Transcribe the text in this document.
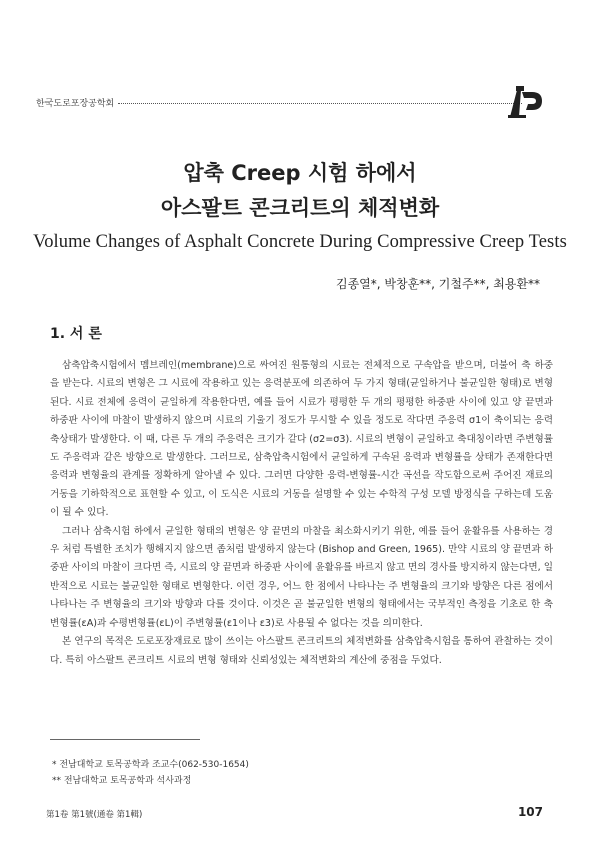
한국도로포장공학회
압축 Creep 시험 하에서
아스팔트 콘크리트의 체적변화
Volume Changes of Asphalt Concrete During Compressive Creep Tests
김종열*, 박창훈**, 기철주**, 최용환**
1. 서 론

삼축압축시험에서 멤브레인(membrane)으로 싸여진 원통형의 시료는 전체적으로 구속압을 받으며, 더불어 축 하중을 받는다. 시료의 변형은 그 시료에 작용하고 있는 응력분포에 의존하여 두 가지 형태(균일하거나 불균일한 형태)로 변형된다. 시료 전체에 응력이 균일하게 작용한다면, 예를 들어 시료가 평평한 두 개의 평평한 하중판 사이에 있고 양 끝면과 하중판 사이에 마찰이 발생하지 않으며 시료의 기울기 정도가 무시할 수 있을 정도로 작다면 주응력 σ1이 축이되는 응력 축상태가 발생한다. 이 때, 다른 두 개의 주응력은 크기가 같다 (σ2=σ3). 시료의 변형이 균일하고 축대칭이라면 주변형률도 주응력과 같은 방향으로 발생한다. 그러므로, 삼축압축시험에서 균일하게 구속된 응력과 변형률을 상태가 존재한다면 응력과 변형율의 관계를 정확하게 알아낼 수 있다. 그러면 다양한 응력-변형률-시간 곡선을 작도함으로써 주어진 재료의 거동을 기하학적으로 표현할 수 있고, 이 도식은 시료의 거동을 설명할 수 있는 수학적 구성 모델 방정식을 구하는데 도움이 될 수 있다.

그러나 삼축시험 하에서 균일한 형태의 변형은 양 끝면의 마찰을 최소화시키기 위한, 예를 들어 윤활유를 사용하는 경우 처럼 특별한 조치가 행해지지 않으면 좀처럼 발생하지 않는다 (Bishop and Green, 1965). 만약 시료의 양 끝면과 하중판 사이의 마찰이 크다면 즉, 시료의 양 끝면과 하중판 사이에 윤활유를 바르지 않고 면의 경사를 방지하지 않는다면, 일반적으로 시료는 불균일한 형태로 변형한다. 이런 경우, 어느 한 점에서 나타나는 주 변형율의 크기와 방향은 다른 점에서 나타나는 주 변형율의 크기와 방향과 다를 것이다. 이것은 곧 불균일한 변형의 형태에서는 국부적인 측정을 기초로 한 축변형률(εA)과 수평변형률(εL)이 주변형률(ε1이나 ε3)로 사용될 수 없다는 것을 의미한다.

본 연구의 목적은 도로포장재료로 많이 쓰이는 아스팔트 콘크리트의 체적변화를 삼축압축시험을 통하여 관찰하는 것이다. 특히 아스팔트 콘크리트 시료의 변형 형태와 신뢰성있는 체적변화의 계산에 중점을 두었다.

* 전남대학교 토목공학과 조교수(062-530-1654)
** 전남대학교 토목공학과 석사과정
第1卷 第1號(通卷 第1輯)	107
